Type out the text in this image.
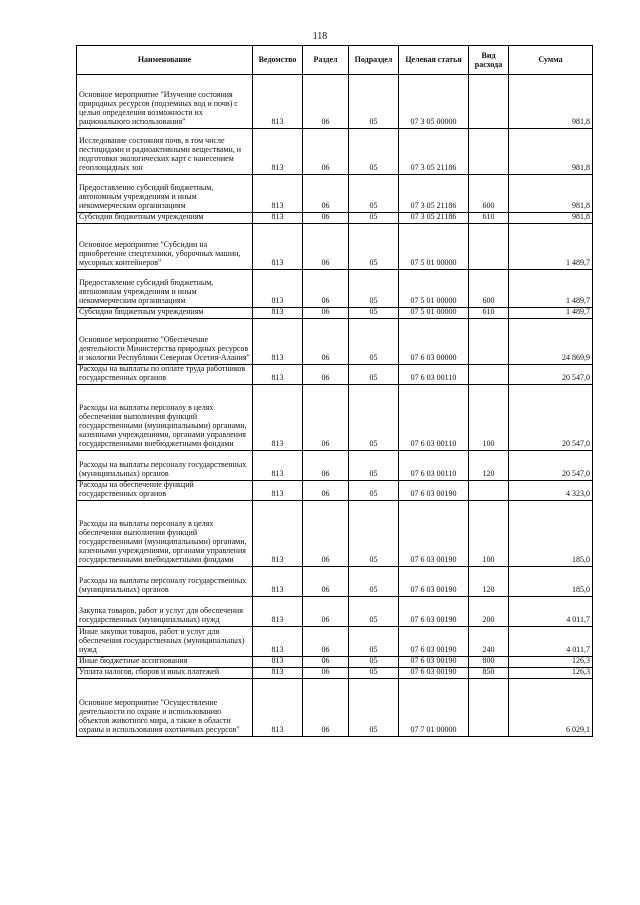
118
Наименование	Ведомство	Раздел	Подраздел	Целевая статья	Вид расхода	Сумма
Основное мероприятие "Изучение состояния природных ресурсов (подземных вод и почв) с целью определения возможности их рационального использования"	813	06	05	07 3 05 00000		981,8
Исследование состояния почв, в том числе пестицидами и радиоактивными веществами, и подготовки экологических карт с нанесением геоплощадных зон	813	06	05	07 3 05 21186		981,8
Предоставление субсидий бюджетным, автономным учреждениям и иным некоммерческим организациям	813	06	05	07 3 05 21186	600	981,8
Субсидии бюджетным учреждениям	813	06	05	07 3 05 21186	610	981,8
Основное мероприятие "Субсидии на приобретение спецтехники, уборочных машин, мусорных контейнеров"	813	06	05	07 5 01 00000		1 489,7
Предоставление субсидий бюджетным, автономным учреждениям и иным некоммерческим организациям	813	06	05	07 5 01 00000	600	1 489,7
Субсидии бюджетным учреждениям	813	06	05	07 5 01 00000	610	1 489,7
Основное мероприятие "Обеспечение деятельности Министерства природных ресурсов и экологии Республики Северная Осетия-Алания"	813	06	05	07 6 03 00000		24 869,9
Расходы на выплаты по оплате труда работников государственных органов	813	06	05	07 6 03 00110		20 547,0
Расходы на выплаты персоналу в целях обеспечения выполнения функций государственными (муниципальными) органами, казенными учреждениями, органами управления государственными внебюджетными фондами	813	06	05	07 6 03 00110	100	20 547,0
Расходы на выплаты персоналу государственных (муниципальных) органов	813	06	05	07 6 03 00110	120	20 547,0
Расходы на обеспечение функций государственных органов	813	06	05	07 6 03 00190		4 323,0
Расходы на выплаты персоналу в целях обеспечения выполнения функций государственными (муниципальными) органами, казенными учреждениями, органами управления государственными внебюджетными фондами	813	06	05	07 6 03 00190	100	185,0
Расходы на выплаты персоналу государственных (муниципальных) органов	813	06	05	07 6 03 00190	120	185,0
Закупка товаров, работ и услуг для обеспечения государственных (муниципальных) нужд	813	06	05	07 6 03 00190	200	4 011,7
Иные закупки товаров, работ и услуг для обеспечения государственных (муниципальных) нужд	813	06	05	07 6 03 00190	240	4 011,7
Иные бюджетные ассигнования	813	06	05	07 6 03 00190	800	126,3
Уплата налогов, сборов и иных платежей	813	06	05	07 6 03 00190	850	126,3
Основное мероприятие "Осуществление деятельности по охране и использованию объектов животного мира, а также в области охраны и использования охотничьих ресурсов"	813	06	05	07 7 01 00000		6 029,1
